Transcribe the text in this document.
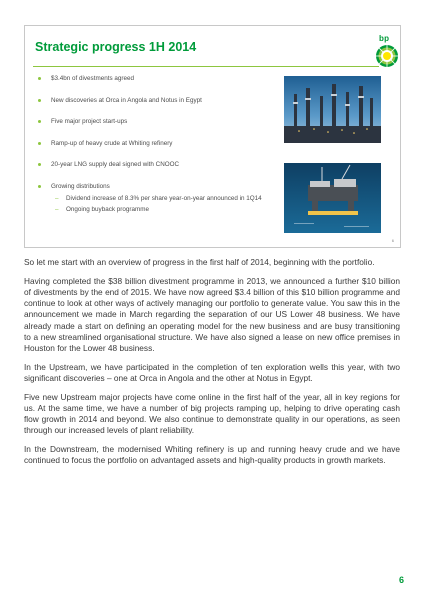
Strategic progress 1H 2014
bp
$3.4bn of divestments agreed
New discoveries at Orca in Angola and Notus in Egypt
Five major project start-ups
Ramp-up of heavy crude at Whiting refinery
20-year LNG supply deal signed with CNOOC
Growing distributions
– Dividend increase of 8.3% per share year-on-year announced in 1Q14
– Ongoing buyback programme
6

So let me start with an overview of progress in the first half of 2014, beginning with the portfolio.

Having completed the $38 billion divestment programme in 2013, we announced a further $10 billion of divestments by the end of 2015. We have now agreed $3.4 billion of this $10 billion programme and continue to look at other ways of actively managing our portfolio to generate value. You saw this in the announcement we made in March regarding the separation of our US Lower 48 business. We have already made a start on defining an operating model for the new business and are busy transitioning to a new streamlined organisational structure. We have also signed a lease on new office premises in Houston for the Lower 48 business.

In the Upstream, we have participated in the completion of ten exploration wells this year, with two significant discoveries – one at Orca in Angola and the other at Notus in Egypt.

Five new Upstream major projects have come online in the first half of the year, all in key regions for us. At the same time, we have a number of big projects ramping up, helping to drive operating cash flow growth in 2014 and beyond. We also continue to demonstrate quality in our operations, as seen through our increased levels of plant reliability.

In the Downstream, the modernised Whiting refinery is up and running heavy crude and we have continued to focus the portfolio on advantaged assets and high-quality products in growth markets.

6
